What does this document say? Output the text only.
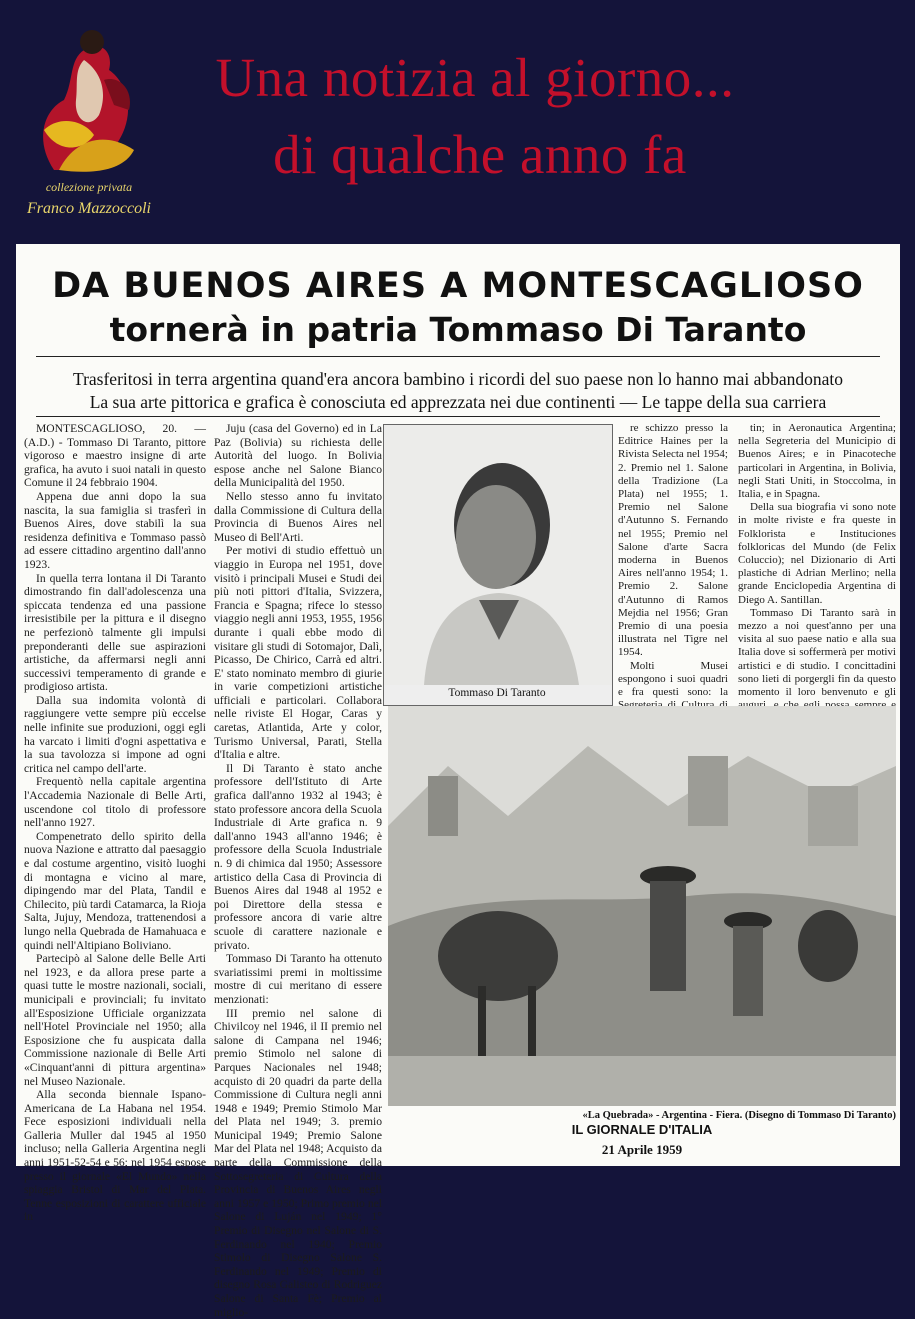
collezione privata
Franco Mazzoccoli
Una notizia al giorno...
di qualche anno fa
DA BUENOS AIRES A MONTESCAGLIOSO
tornerà in patria Tommaso Di Taranto
Trasferitosi in terra argentina quand'era ancora bambino i ricordi del suo paese non lo hanno mai abbandonato
La sua arte pittorica e grafica è conosciuta ed apprezzata nei due continenti — Le tappe della sua carriera

MONTESCAGLIOSO, 20. — (A.D.) - Tommaso Di Taranto, pittore vigoroso e maestro insigne di arte grafica, ha avuto i suoi natali in questo Comune il 24 febbraio 1904.

Appena due anni dopo la sua nascita, la sua famiglia si trasferì in Buenos Aires, dove stabilì la sua residenza definitiva e Tommaso passò ad essere cittadino argentino dall'anno 1923.

In quella terra lontana il Di Taranto dimostrando fin dall'adolescenza una spiccata tendenza ed una passione irresistibile per la pittura e il disegno ne perfezionò talmente gli impulsi preponderanti delle sue aspirazioni artistiche, da affermarsi negli anni successivi temperamento di grande e prodigioso artista.

Dalla sua indomita volontà di raggiungere vette sempre più eccelse nelle infinite sue produzioni, oggi egli ha varcato i limiti d'ogni aspettativa e la sua tavolozza si impone ad ogni critica nel campo dell'arte.

Frequentò nella capitale argentina l'Accademia Nazionale di Belle Arti, uscendone col titolo di professore nell'anno 1927.

Compenetrato dello spirito della nuova Nazione e attratto dal paesaggio e dal costume argentino, visitò luoghi di montagna e vicino al mare, dipingendo mar del Plata, Tandil e Chilecito, più tardi Catamarca, la Rioja Salta, Jujuy, Mendoza, trattenendosi a lungo nella Quebrada de Hamahuaca e quindi nell'Altipiano Boliviano.

Partecipò al Salone delle Belle Arti nel 1923, e da allora prese parte a quasi tutte le mostre nazionali, sociali, municipali e provinciali; fu invitato all'Esposizione Ufficiale organizzata nell'Hotel Provinciale nel 1950; alla Esposizione che fu auspicata dalla Commissione nazionale di Belle Arti «Cinquant'anni di pittura argentina» nel Museo Nazionale.

Alla seconda biennale Ispano-Americana de La Habana nel 1954. Fece esposizioni individuali nella Galleria Muller dal 1945 al 1950 incluso; nella Galleria Argentina negli anni 1951-52-54 e 56; nel 1954 espose presso il giornale «El Mundo» nella spiaggia Bristol di Mar del Plata. Tenne esposizioni di carattere ufficiale in

Juju (casa del Governo) ed in La Paz (Bolivia) su richiesta delle Autorità del luogo. In Bolivia espose anche nel Salone Bianco della Municipalità del 1950.

Nello stesso anno fu invitato dalla Commissione di Cultura della Provincia di Buenos Aires nel Museo di Bell'Arti.

Per motivi di studio effettuò un viaggio in Europa nel 1951, dove visitò i principali Musei e Studi dei più noti pittori d'Italia, Svizzera, Francia e Spagna; rifece lo stesso viaggio negli anni 1953, 1955, 1956 durante i quali ebbe modo di visitare gli studi di Sotomajor, Dalì, Picasso, De Chirico, Carrà ed altri. E' stato nominato membro di giurie in varie competizioni artistiche ufficiali e particolari. Collabora nelle riviste El Hogar, Caras y caretas, Atlantida, Arte y color, Turismo Universal, Parati, Stella d'Italia e altre.

Il Di Taranto è stato anche professore dell'Istituto di Arte grafica dall'anno 1932 al 1943; è stato professore ancora della Scuola Industriale di Arte grafica n. 9 dall'anno 1943 all'anno 1946; è professore della Scuola Industriale n. 9 di chimica dal 1950; Assessore artistico della Casa di Provincia di Buenos Aires dal 1948 al 1952 e poi Direttore della stessa e professore ancora di varie altre scuole di carattere nazionale e privato.

Tommaso Di Taranto ha ottenuto svariatissimi premi in moltissime mostre di cui meritano di essere menzionati:

III premio nel salone di Chivilcoy nel 1946, il II premio nel salone di Campana nel 1946; premio Stimolo nel salone di Parques Nacionales nel 1948; acquisto di 20 quadri da parte della Commissione di Cultura negli anni 1948 e 1949; Premio Stimolo Mar del Plata nel 1949; 3. premio Municipal 1949; Premio Salone Mar del Plata nel 1948; Acquisto da parte della Commissione della Sottosegreteria di Cultura della Provincia di Buenos Aires negli anni 1957 e 1950; Primo premio nel Salone di Luján nel 1949; 1° Premio di Disegno nel Salone di S. Ferdinando nel 1940; Premio Stimolo di Disegno Salone S. Ferdinando nel 1949; Premio di disegno Rosa Galisteo di Rodriguez Salone di Santa Fè; Premio al miglio-

Tommaso Di Taranto

re schizzo presso la Editrice Haines per la Rivista Selecta nel 1954; 2. Premio nel 1. Salone della Tradizione (La Plata) nel 1955; 1. Premio nel Salone d'Autunno S. Fernando nel 1955; Premio nel Salone d'arte Sacra moderna in Buenos Aires nell'anno 1954; 1. Premio 2. Salone d'Autunno di Ramos Mejdia nel 1956; Gran Premio di una poesia illustrata nel Tigre nel 1954.

Molti Musei espongono i suoi quadri e fra questi sono: la

tin; in Aeronautica Argentina; nella Segreteria del Municipio di Buenos Aires; e in Pinacoteche particolari in Argentina, in Bolivia, negli Stati Uniti, in Stoccolma, in Italia, e in Spagna.

Della sua biografia vi sono note in molte riviste e fra queste in Folklorista e Instituciones folkloricas del Mundo (de Felix Coluccio); nel Dizionario di Arti plastiche di Adrian Merlino; nella grande Enciclopedia Argentina di Diego A. Santillan.

Tommaso Di Taranto sarà in mezzo a noi quest'anno per una visita al suo paese natio e alla sua Italia dove si soffermerà per motivi artistici e di studio. I concittadini sono lieti di porgergli fin da questo momento il loro benvenuto e gli

«La Quebrada» - Argentina - Fiera. (Disegno di Tommaso Di Taranto)
IL GIORNALE D'ITALIA
21 Aprile 1959
